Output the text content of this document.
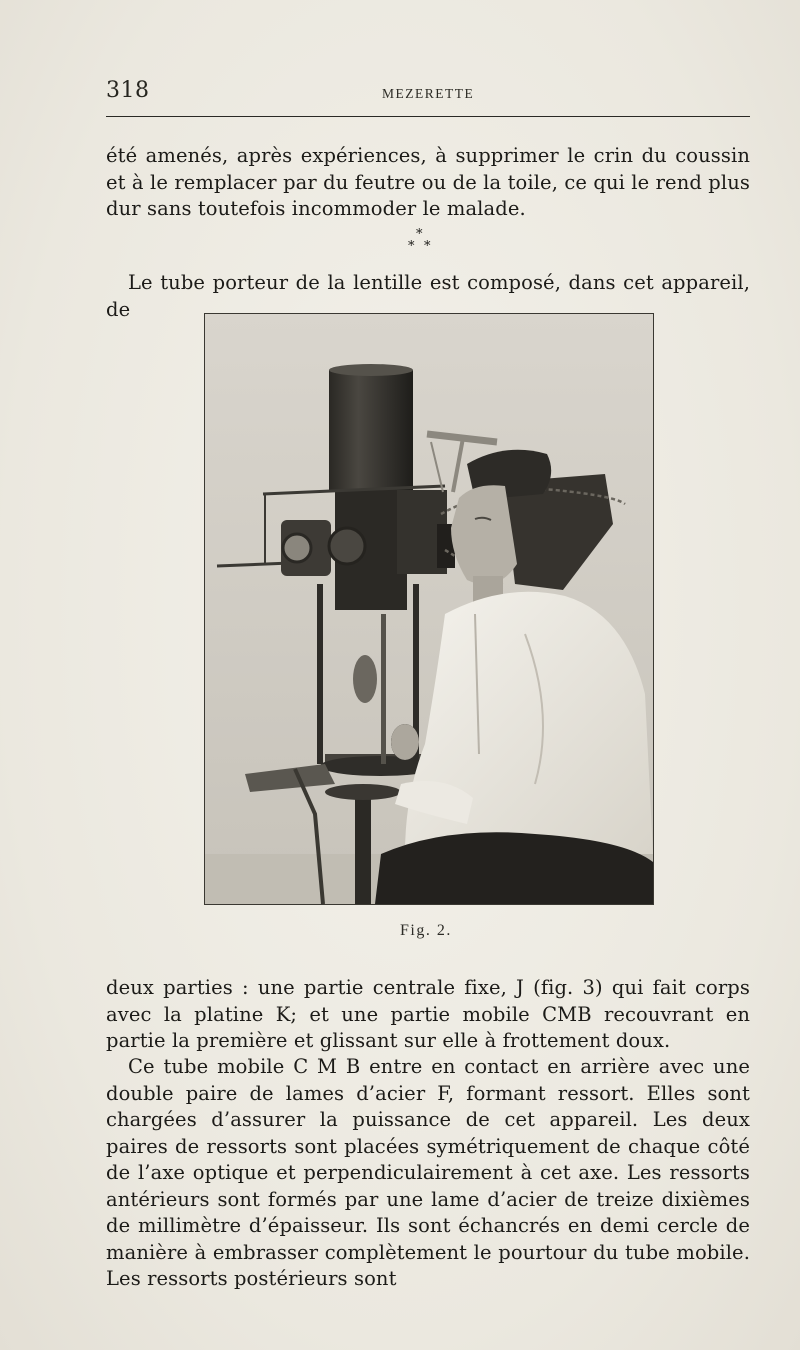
318	MEZERETTE

été amenés, après expériences, à supprimer le crin du coussin et à le remplacer par du feutre ou de la toile, ce qui le rend plus dur sans toutefois incommoder le malade.

*
* *

Le tube porteur de la lentille est composé, dans cet appareil, de

Fig. 2.

deux parties : une partie centrale fixe, J (fig. 3) qui fait corps avec la platine K; et une partie mobile CMB recouvrant en partie la première et glissant sur elle à frottement doux.

Ce tube mobile C M B entre en contact en arrière avec une double paire de lames d’acier F, formant ressort. Elles sont chargées d’assurer la puissance de cet appareil. Les deux paires de ressorts sont placées symétriquement de chaque côté de l’axe optique et perpendiculairement à cet axe. Les ressorts antérieurs sont formés par une lame d’acier de treize dixièmes de millimètre d’épaisseur. Ils sont échancrés en demi cercle de manière à embrasser complètement le pourtour du tube mobile. Les ressorts postérieurs sont
